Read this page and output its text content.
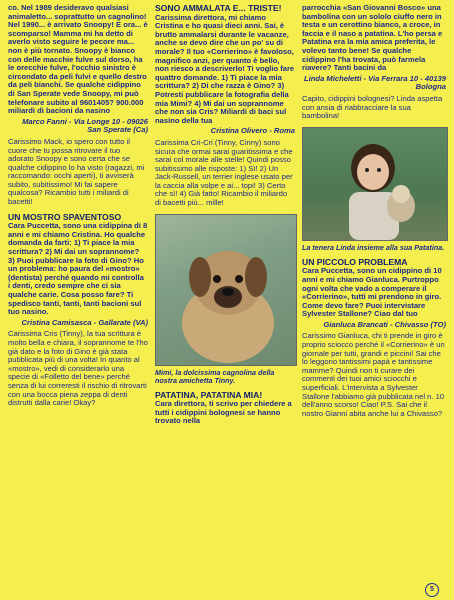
co. Nel 1989 desideravo qualsiasi animaletto... soprattutto un cagnolino! Nel 1990... è arrivato Snoopy! E ora... è scomparso! Mamma mi ha detto di averlo visto seguire le pecore ma... non è più tornato. Snoopy è bianco con delle macchie fulve sul dorso, ha le orecchie fulve, l'occhio sinistro è circondato da peli fulvi e quello destro da peli bianchi. Se qualche cidippino di San Sperate vede Snoopy, mi può telefonare subito al 9601405? 900.000 miliardi di bacioni da nasino

Marco Fanni - Via Longe 10 - 09026 San Sperate (Ca)

Carissimo Mack, io spero con tutto il cuore che tu possa ritrovare il tuo adorato Snoopy e sono certa che se qualche cidippino lo ha visto (ragazzi, mi raccomando: occhi aperti), ti avviserà subito, subitissimo! Mi fai sapere qualcosa? Ricambio tutti i miliardi di bacetti!

UN MOSTRO SPAVENTOSO

Cara Puccetta, sono una cidippina di 8 anni e mi chiamo Cristina. Ho qualche domanda da farti: 1) Ti piace la mia scrittura? 2) Mi dai un soprannome? 3) Puoi pubblicare la foto di Gino? Ho un problema: ho paura del «mostro» (dentista) perché quando mi controlla i denti, credo sempre che ci sia qualche carie. Cosa posso fare? Ti spedisco tanti, tanti, tanti bacioni sul tuo nasino.

Cristina Camisasca - Gallarate (VA)

Carissima Cris (Tinny), la tua scrittura è molto bella e chiara, il soprannome te l'ho già dato e la foto di Gino è già stata pubblicata più di una volta! In quanto al «mostro», vedi di considerarlo una specie di «Folletto del bene» perché senza di lui correresti il rischio di ritrovarti con una bocca piena zeppa di denti distrutti dalla carie! Okay?

SONO AMMALATA E... TRISTE!

Carissima direttora, mi chiamo Cristina e ho quasi dieci anni. Sai, è brutto ammalarsi durante le vacanze, anche se devo dire che un po' su di morale? Il tuo «Corrierino» è favoloso, magnifico anzi, per quanto è bello, non riesco a descriverlo! Ti voglio fare quattro domande. 1) Ti piace la mia scrittura? 2) Di che razza è Gino? 3) Potresti pubblicare la fotografia della mia Mimi? 4) Mi dai un soprannome che non sia Cris? Miliardi di baci sul nasino della tua

Cristina Olivero - Roma

Carissima Cri-Cri (Tinny, Cinny) sono sicura che ormai sarai guaritissima e che sarai col morale alle stelle! Quindi posso subitissimo alle risposte: 1) Sì! 2) Un Jack-Russell, un terrier inglese usato per la caccia alla volpe e ai... topi! 3) Certo che sì! 4) Già fatto! Ricambio il miliardo di bacetti più... mille!

Mimi, la dolcissima cagnolina della nostra amichetta Tinny.

PATATINA, PATATINA MIA!

Cara direttora, ti scrivo per chiedere a tutti i cidippini bolognesi se hanno trovato nella

parrocchia «San Giovanni Bosco» una bambolina con un sololo ciuffo nero in testa e un cerottino bianco, a croce, in faccia e il naso a patatina. L'ho persa e Patatina era la mia amica preferita, le volevo tanto bene! Se qualche cidippino l'ha trovata, può farmela riavere? Tanti bacini da

Linda Micheletti - Via Ferrara 10 - 40139 Bologna

Capito, cidippini bolognesi? Linda aspetta con ansia di riabbracciare la sua bambolina!

La tenera Linda insieme alla sua Patatina.

UN PICCOLO PROBLEMA

Cara Puccetta, sono un cidippino di 10 anni e mi chiamo Gianluca. Purtroppo ogni volta che vado a comperare il «Corrierino», tutti mi prendono in giro. Come devo fare? Puoi intervistare Sylvester Stallone? Ciao dal tuo

Gianluca Brancati - Chivasso (TO)

Carissimo Gianluca, chi ti prende in giro è proprio sciocco perché il «Corrierino» è un giornale per tutti, grandi e piccini! Sai che lo leggono tantissimi papà e tantissime mamme? Quindi non ti curare dei commenti dei tuoi amici sciocchi e superficiali. L'intervista a Sylvester Stallone l'abbiamo già pubblicata nel n. 10 dell'anno scorso! Ciao! P.S. Sai che il nostro Gianni abita anche lui a Chivasso?

5
